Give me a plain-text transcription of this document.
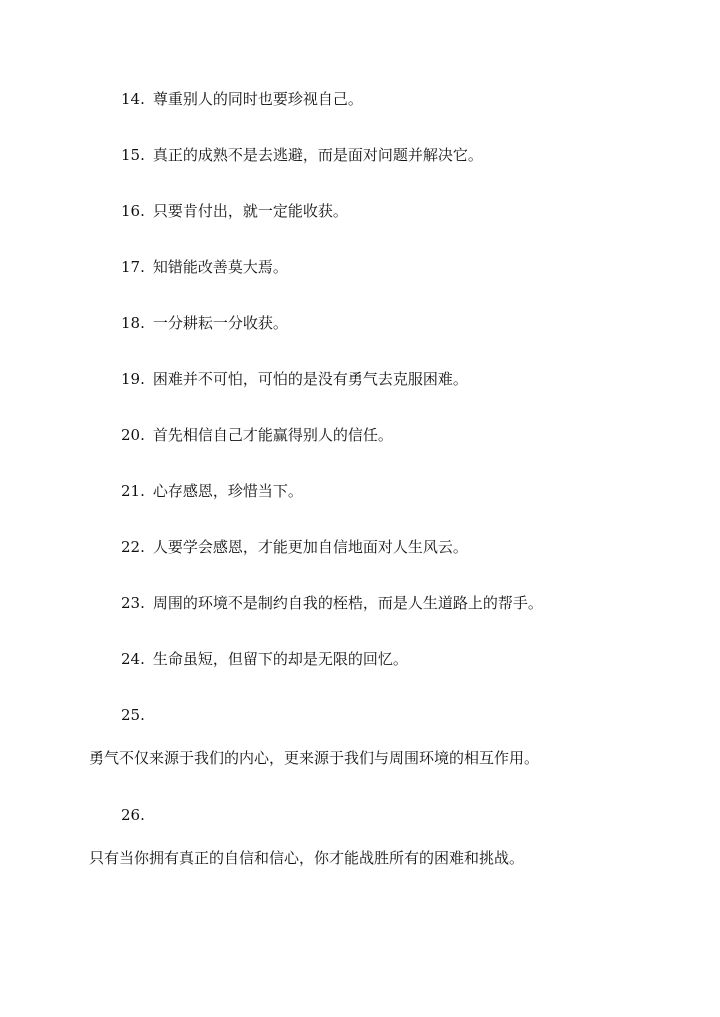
14. 尊重别人的同时也要珍视自己。
15. 真正的成熟不是去逃避，而是面对问题并解决它。
16. 只要肯付出，就一定能收获。
17. 知错能改善莫大焉。
18. 一分耕耘一分收获。
19. 困难并不可怕，可怕的是没有勇气去克服困难。
20. 首先相信自己才能赢得别人的信任。
21. 心存感恩，珍惜当下。
22. 人要学会感恩，才能更加自信地面对人生风云。
23. 周围的环境不是制约自我的桎梏，而是人生道路上的帮手。
24. 生命虽短，但留下的却是无限的回忆。
25.
勇气不仅来源于我们的内心，更来源于我们与周围环境的相互作用。
26.
只有当你拥有真正的自信和信心，你才能战胜所有的困难和挑战。
